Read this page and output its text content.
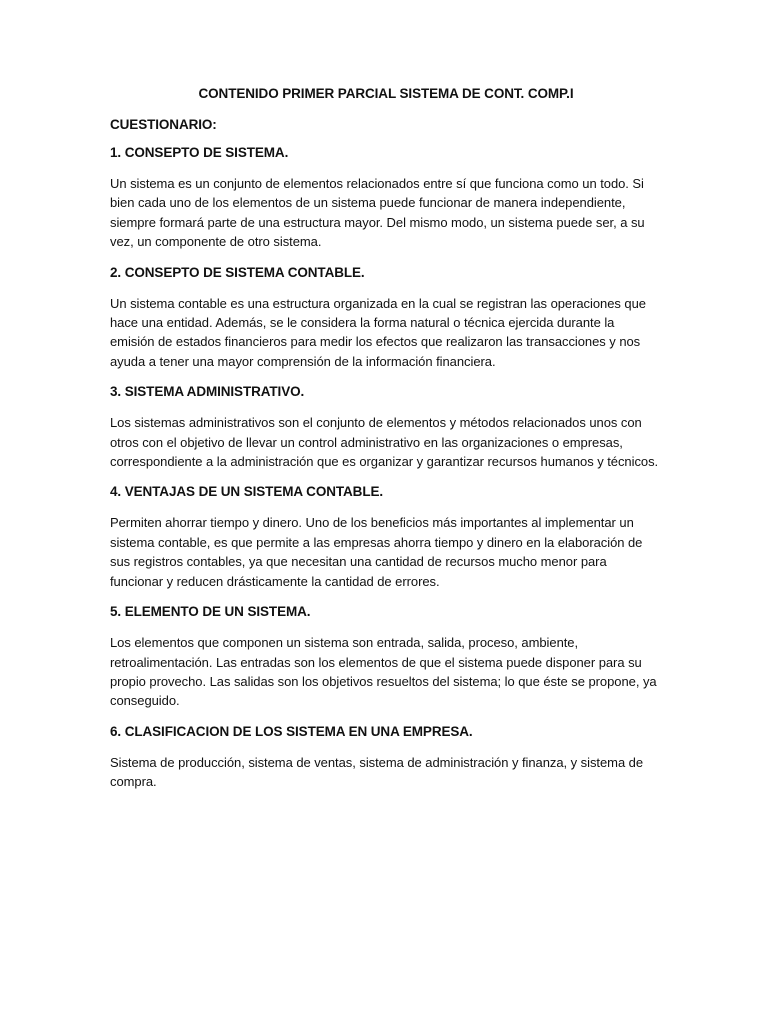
CONTENIDO PRIMER PARCIAL SISTEMA DE CONT. COMP.I
CUESTIONARIO:
1. CONSEPTO DE SISTEMA.

Un sistema es un conjunto de elementos relacionados entre sí que funciona como un todo. Si bien cada uno de los elementos de un sistema puede funcionar de manera independiente, siempre formará parte de una estructura mayor. Del mismo modo, un sistema puede ser, a su vez, un componente de otro sistema.

2. CONSEPTO DE SISTEMA CONTABLE.

Un sistema contable es una estructura organizada en la cual se registran las operaciones que hace una entidad. Además, se le considera la forma natural o técnica ejercida durante la emisión de estados financieros para medir los efectos que realizaron las transacciones y nos ayuda a tener una mayor comprensión de la información financiera.

3. SISTEMA ADMINISTRATIVO.

Los sistemas administrativos son el conjunto de elementos y métodos relacionados unos con otros con el objetivo de llevar un control administrativo en las organizaciones o empresas, correspondiente a la administración que es organizar y garantizar recursos humanos y técnicos.

4. VENTAJAS DE UN SISTEMA CONTABLE.

Permiten ahorrar tiempo y dinero. Uno de los beneficios más importantes al implementar un sistema contable, es que permite a las empresas ahorra tiempo y dinero en la elaboración de sus registros contables, ya que necesitan una cantidad de recursos mucho menor para funcionar y reducen drásticamente la cantidad de errores.

5. ELEMENTO DE UN SISTEMA.

Los elementos que componen un sistema son entrada, salida, proceso, ambiente, retroalimentación. Las entradas son los elementos de que el sistema puede disponer para su propio provecho. Las salidas son los objetivos resueltos del sistema; lo que éste se propone, ya conseguido.

6. CLASIFICACION DE LOS SISTEMA EN UNA EMPRESA.

Sistema de producción, sistema de ventas, sistema de administración y finanza, y sistema de compra.
